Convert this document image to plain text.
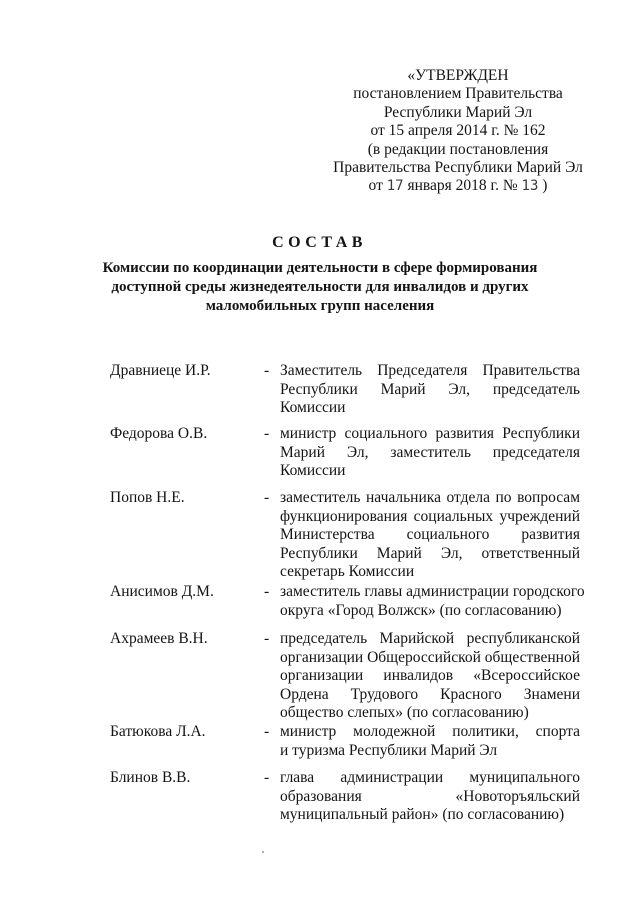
«УТВЕРЖДЕН
постановлением Правительства
Республики Марий Эл
от 15 апреля 2014 г. № 162
(в редакции постановления
Правительства Республики Марий Эл
от 17 января 2018 г. № 13 )
СОСТАВ
Комиссии по координации деятельности в сфере формирования
доступной среды жизнедеятельности для инвалидов и других
маломобильных групп населения
Дравниеце И.Р.	- Заместитель Председателя Правительства
Республики Марий Эл, председатель
Комиссии
Федорова О.В.	- министр социального развития Республики
Марий Эл, заместитель председателя
Комиссии
Попов Н.Е.	- заместитель начальника отдела по вопросам
функционирования социальных учреждений
Министерства социального развития
Республики Марий Эл, ответственный
секретарь Комиссии
Анисимов Д.М.	- заместитель главы администрации городского
округа «Город Волжск» (по согласованию)
Ахрамеев В.Н.	- председатель Марийской республиканской
организации Общероссийской общественной
организации инвалидов «Всероссийское
Ордена Трудового Красного Знамени
общество слепых» (по согласованию)
Батюкова Л.А.	- министр молодежной политики, спорта
и туризма Республики Марий Эл
Блинов В.В.	- глава администрации муниципального
образования «Новоторъяльский
муниципальный район» (по согласованию)
